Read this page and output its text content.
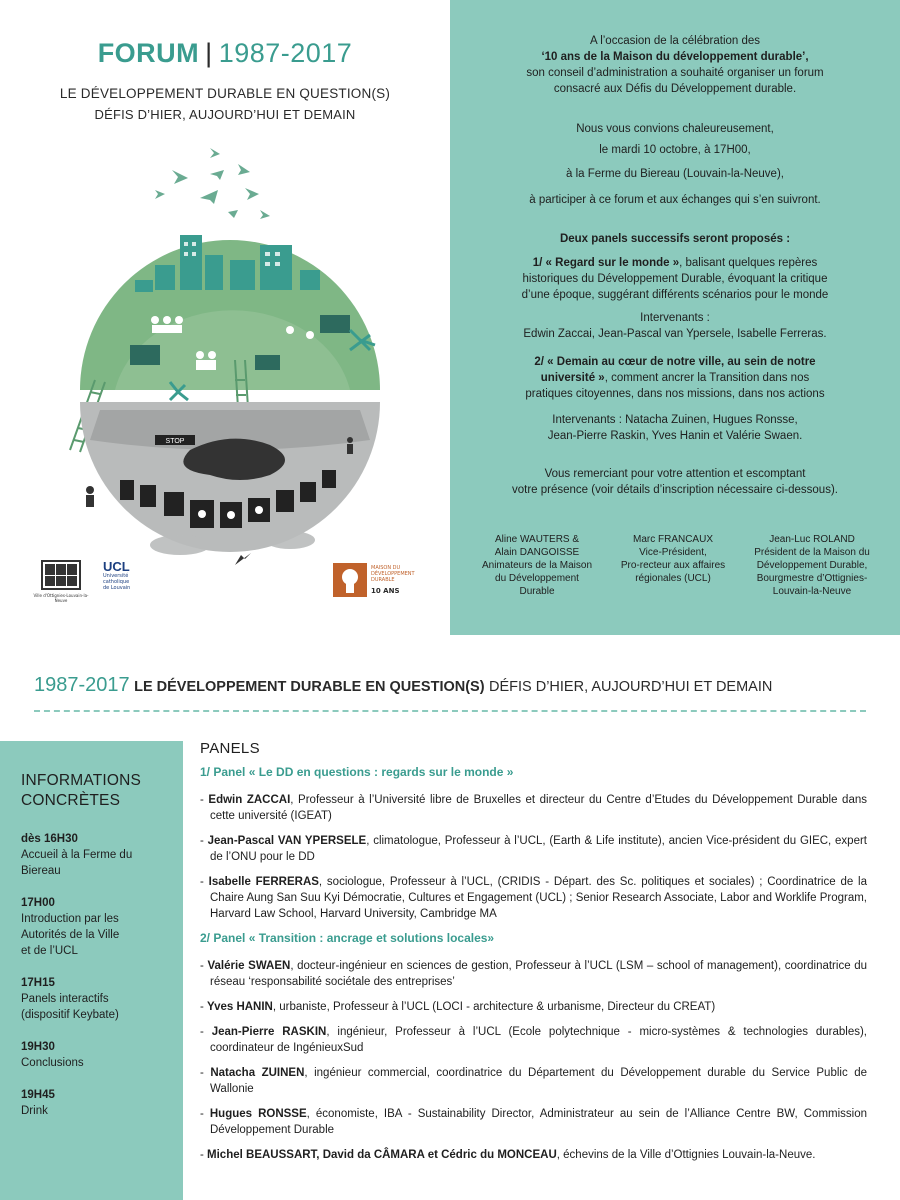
FORUM | 1987-2017
LE DÉVELOPPEMENT DURABLE EN QUESTION(S)
DÉFIS D’HIER, AUJOURD’HUI ET DEMAIN
STOP
Ville d'Ottignies-Louvain-la-Neuve
UCL
Université
catholique
de Louvain
MAISON DU
DÉVELOPPEMENT
DURABLE
10 ANS
A l’occasion de la célébration des
‘10 ans de la Maison du développement durable’,
son conseil d’administration a souhaité organiser un forum
consacré aux Défis du Développement durable.
Nous vous convions chaleureusement,
le mardi 10 octobre, à 17H00,
à la Ferme du Biereau (Louvain-la-Neuve),
à participer à ce forum et aux échanges qui s’en suivront.
Deux panels successifs seront proposés :
1/ « Regard sur le monde », balisant quelques repères
historiques du Développement Durable, évoquant la critique
d’une époque, suggérant différents scénarios pour le monde
Intervenants :
Edwin Zaccai, Jean-Pascal van Ypersele, Isabelle Ferreras.
2/ « Demain au cœur de notre ville, au sein de notre
université », comment ancrer la Transition dans nos
pratiques citoyennes, dans nos missions, dans nos actions
Intervenants : Natacha Zuinen, Hugues Ronsse,
Jean-Pierre Raskin, Yves Hanin et Valérie Swaen.
Vous remerciant pour votre attention et escomptant
votre présence (voir détails d’inscription nécessaire ci-dessous).
Aline WAUTERS &
Alain DANGOISSE
Animateurs de la Maison
du Développement
Durable
Marc FRANCAUX
Vice-Président,
Pro-recteur aux affaires
régionales (UCL)
Jean-Luc ROLAND
Président de la Maison du
Développement Durable,
Bourgmestre d’Ottignies-
Louvain-la-Neuve
1987-2017 LE DÉVELOPPEMENT DURABLE EN QUESTION(S) DÉFIS D’HIER, AUJOURD’HUI ET DEMAIN
INFORMATIONS
CONCRÈTES
dès 16H30
Accueil à la Ferme du
Biereau
17H00
Introduction par les
Autorités de la Ville
et de l’UCL
17H15
Panels interactifs
(dispositif Keybate)
19H30
Conclusions
19H45
Drink
PANELS
1/ Panel « Le DD en questions : regards sur le monde »
- Edwin ZACCAI, Professeur à l’Université libre de Bruxelles et directeur du Centre d’Etudes du Développement Durable dans cette université (IGEAT)
- Jean-Pascal VAN YPERSELE, climatologue, Professeur à l’UCL, (Earth & Life institute), ancien Vice-président du GIEC, expert de l’ONU pour le DD
- Isabelle FERRERAS, sociologue, Professeur à l’UCL, (CRIDIS - Départ. des Sc. politiques et sociales) ; Coordinatrice de la Chaire Aung San Suu Kyi Démocratie, Cultures et Engagement (UCL) ; Senior Research Associate, Labor and Worklife Program, Harvard Law School, Harvard University, Cambridge MA
2/ Panel « Transition : ancrage et solutions locales»
- Valérie SWAEN, docteur-ingénieur en sciences de gestion, Professeur à l’UCL (LSM – school of management), coordinatrice du réseau ‘responsabilité sociétale des entreprises’
- Yves HANIN, urbaniste, Professeur à l’UCL (LOCI - architecture & urbanisme, Directeur du CREAT)
- Jean-Pierre RASKIN, ingénieur, Professeur à l’UCL (Ecole polytechnique - micro-systèmes & technologies durables), coordinateur de IngénieuxSud
- Natacha ZUINEN, ingénieur commercial, coordinatrice du Département du Développement durable du Service Public de Wallonie
- Hugues RONSSE, économiste, IBA - Sustainability Director, Administrateur au sein de l’Alliance Centre BW, Commission Développement Durable
- Michel BEAUSSART, David da CÂMARA et Cédric du MONCEAU, échevins de la Ville d’Ottignies Louvain-la-Neuve.
